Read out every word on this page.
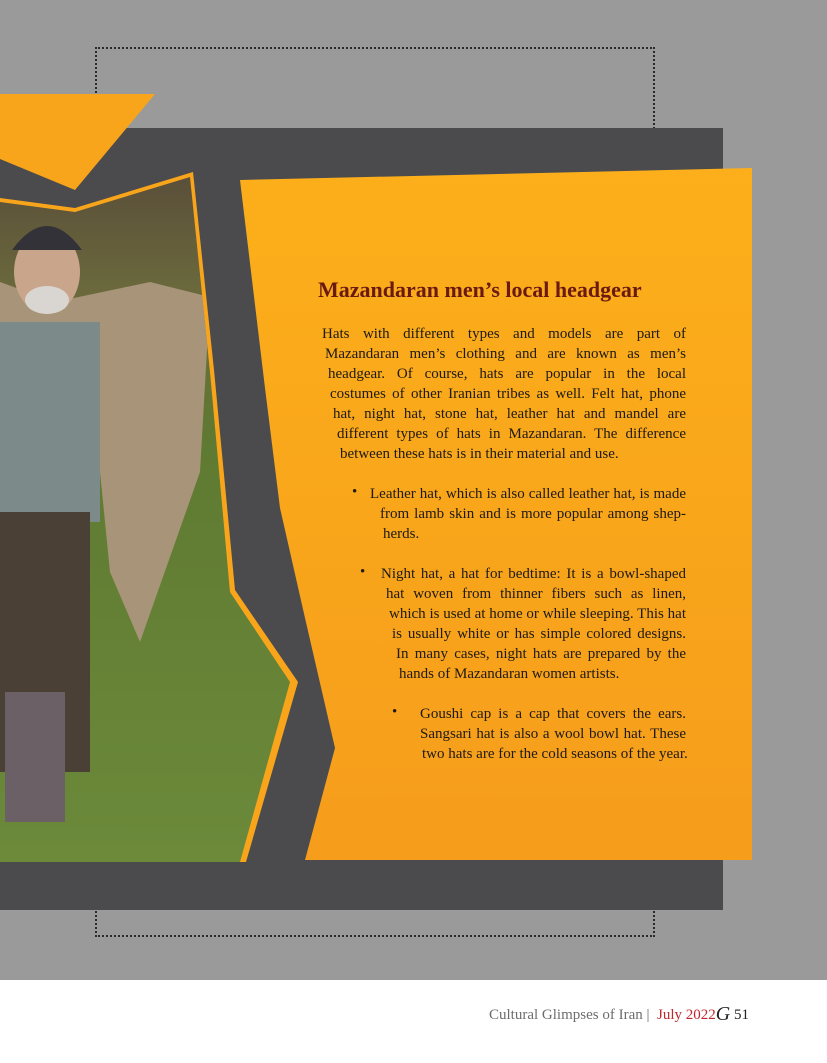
Mazandaran men’s local headgear
Hats with different types and models are part of
Mazandaran men’s clothing and are known as men’s
headgear. Of course, hats are popular in the local
costumes of other Iranian tribes as well. Felt hat, phone
hat, night hat, stone hat, leather hat and mandel are
different types of hats in Mazandaran. The difference
between these hats is in their material and use.
• Leather hat, which is also called leather hat, is made
from lamb skin and is more popular among shep-
herds.
• Night hat, a hat for bedtime: It is a bowl-shaped
hat woven from thinner fibers such as linen,
which is used at home or while sleeping. This hat
is usually white or has simple colored designs.
In many cases, night hats are prepared by the
hands of Mazandaran women artists.
• Goushi cap is a cap that covers the ears.
Sangsari hat is also a wool bowl hat. These
two hats are for the cold seasons of the year.
Cultural Glimpses of Iran | July 2022G 51
